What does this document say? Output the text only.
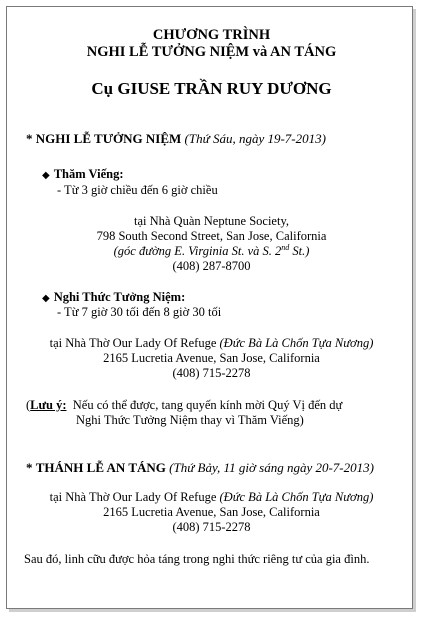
CHƯƠNG TRÌNH
NGHI LỄ TƯỞNG NIỆM và AN TÁNG
Cụ GIUSE TRẦN RUY DƯƠNG
* NGHI LỄ TƯỞNG NIỆM (Thứ Sáu, ngày 19-7-2013)
◆ Thăm Viếng:
- Từ 3 giờ chiều đến 6 giờ chiều
tại Nhà Quàn Neptune Society,
798 South Second Street, San Jose, California
(góc đường E. Virginia St. và S. 2nd St.)
(408) 287-8700
◆ Nghi Thức Tưởng Niệm:
- Từ 7 giờ 30 tối đến 8 giờ 30 tối
tại Nhà Thờ Our Lady Of Refuge (Đức Bà Là Chốn Tựa Nương)
2165 Lucretia Avenue, San Jose, California
(408) 715-2278
(Lưu ý: Nếu có thể được, tang quyến kính mời Quý Vị đến dự
Nghi Thức Tưởng Niệm thay vì Thăm Viếng)
* THÁNH LỄ AN TÁNG (Thứ Bảy, 11 giờ sáng ngày 20-7-2013)
tại Nhà Thờ Our Lady Of Refuge (Đức Bà Là Chốn Tựa Nương)
2165 Lucretia Avenue, San Jose, California
(408) 715-2278
Sau đó, linh cữu được hỏa táng trong nghi thức riêng tư của gia đình.
